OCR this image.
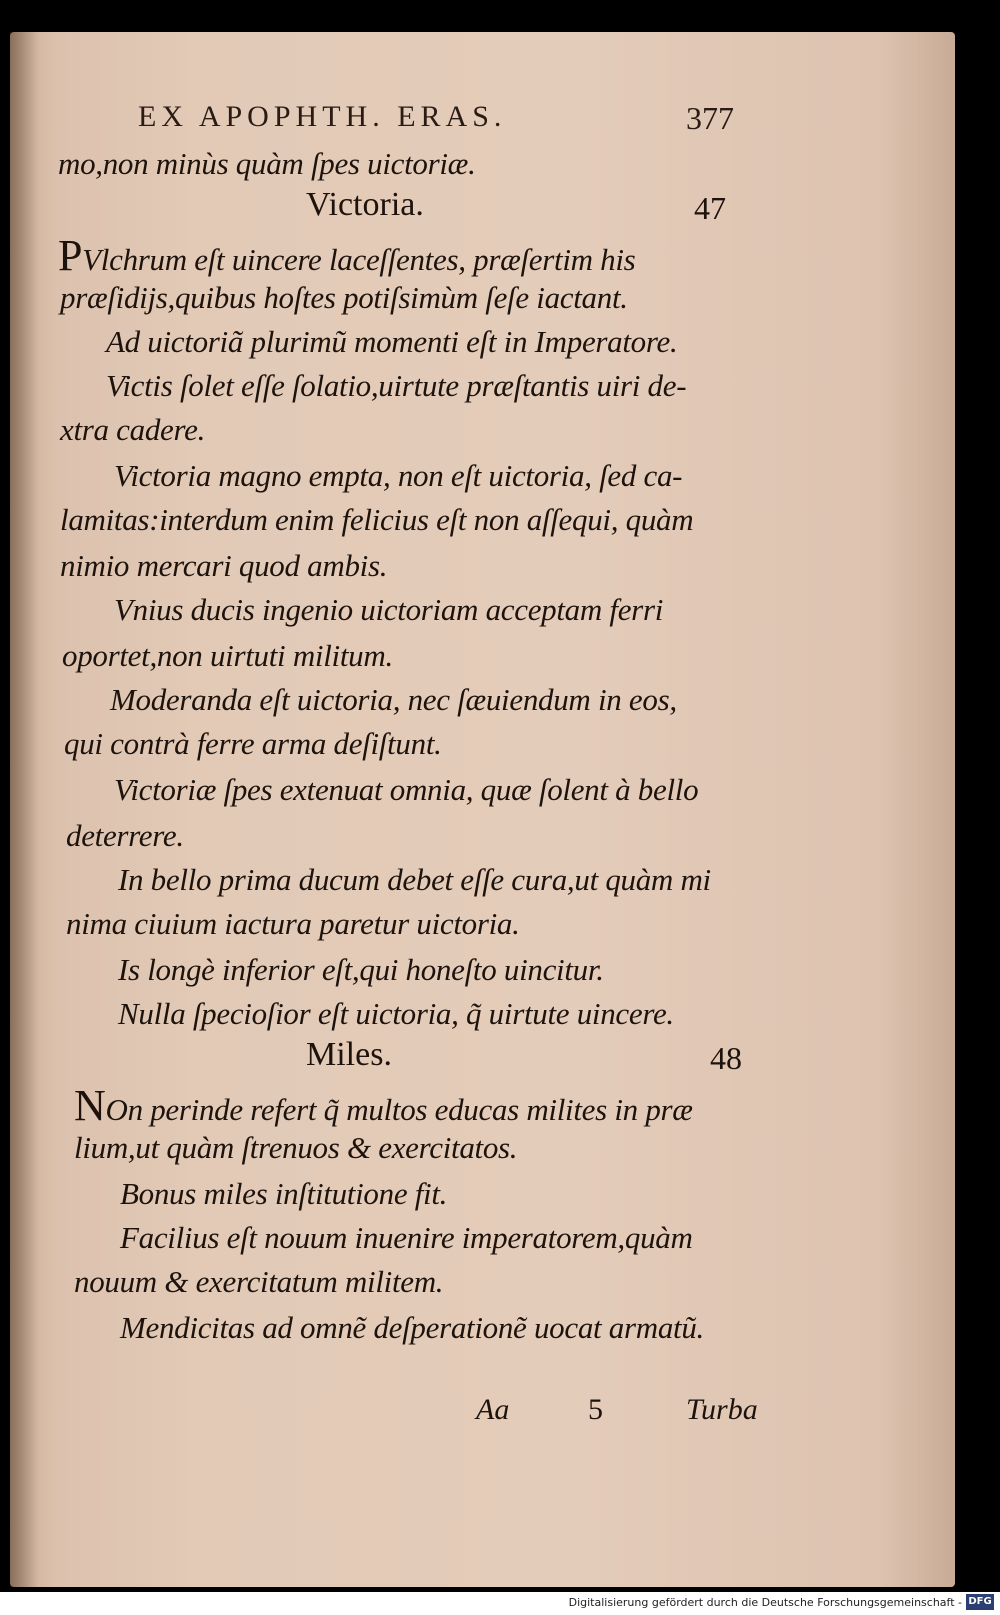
EX APOPHTH. ERAS.	377
mo,non minùs quàm ſpes uictoriæ.
Victoria.	47
PVlchrum eſt uincere laceſſentes, præſertim his
præſidijs,quibus hoſtes potiſsimùm ſeſe iactant.
Ad uictoriã plurimũ momenti eſt in Imperatore.
Victis ſolet eſſe ſolatio,uirtute præſtantis uiri de-
xtra cadere.
Victoria magno empta, non eſt uictoria, ſed ca-
lamitas:interdum enim felicius eſt non aſſequi, quàm
nimio mercari quod ambis.
Vnius ducis ingenio uictoriam acceptam ferri
oportet,non uirtuti militum.
Moderanda eſt uictoria, nec ſæuiendum in eos,
qui contrà ferre arma deſiſtunt.
Victoriæ ſpes extenuat omnia, quæ ſolent à bello
deterrere.
In bello prima ducum debet eſſe cura,ut quàm mi
nima ciuium iactura paretur uictoria.
Is longè inferior eſt,qui honeſto uincitur.
Nulla ſpecioſior eſt uictoria, q̃ uirtute uincere.
Miles.	48
NOn perinde refert q̃ multos educas milites in præ
lium,ut quàm ſtrenuos & exercitatos.
Bonus miles inſtitutione fit.
Facilius eſt nouum inuenire imperatorem,quàm
nouum & exercitatum militem.
Mendicitas ad omnẽ deſperationẽ uocat armatũ.
Aa	5	Turba
Digitalisierung gefördert durch die Deutsche Forschungsgemeinschaft - DFG
